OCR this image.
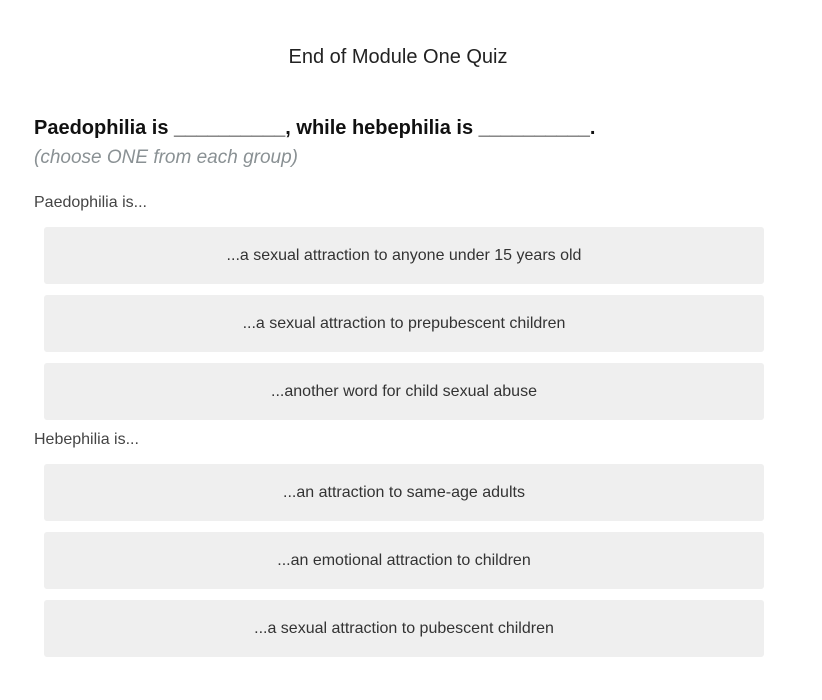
End of Module One Quiz

Paedophilia is __________, while hebephilia is __________.

(choose ONE from each group)

Paedophilia is...

...a sexual attraction to anyone under 15 years old
...a sexual attraction to prepubescent children
...another word for child sexual abuse

Hebephilia is...

...an attraction to same-age adults
...an emotional attraction to children
...a sexual attraction to pubescent children
